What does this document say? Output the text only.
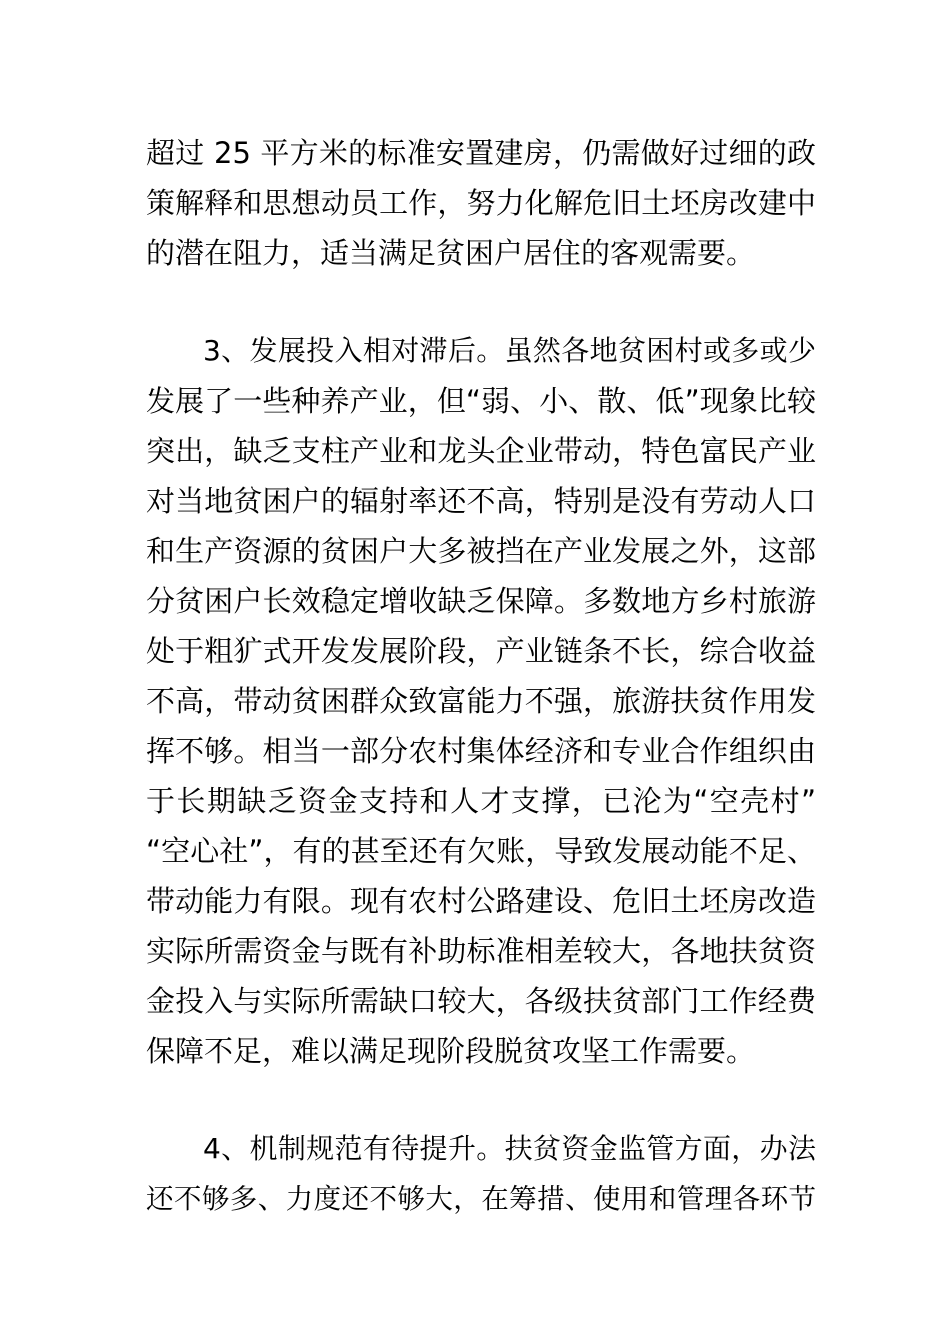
超过 25 平方米的标准安置建房，仍需做好过细的政
策解释和思想动员工作，努力化解危旧土坯房改建中
的潜在阻力，适当满足贫困户居住的客观需要。
3、发展投入相对滞后。虽然各地贫困村或多或少
发展了一些种养产业，但“弱、小、散、低”现象比较
突出，缺乏支柱产业和龙头企业带动，特色富民产业
对当地贫困户的辐射率还不高，特别是没有劳动人口
和生产资源的贫困户大多被挡在产业发展之外，这部
分贫困户长效稳定增收缺乏保障。多数地方乡村旅游
处于粗犷式开发发展阶段，产业链条不长，综合收益
不高，带动贫困群众致富能力不强，旅游扶贫作用发
挥不够。相当一部分农村集体经济和专业合作组织由
于长期缺乏资金支持和人才支撑，已沦为“空壳村”
“空心社”，有的甚至还有欠账，导致发展动能不足、
带动能力有限。现有农村公路建设、危旧土坯房改造
实际所需资金与既有补助标准相差较大，各地扶贫资
金投入与实际所需缺口较大，各级扶贫部门工作经费
保障不足，难以满足现阶段脱贫攻坚工作需要。
4、机制规范有待提升。扶贫资金监管方面，办法
还不够多、力度还不够大，在筹措、使用和管理各环节
